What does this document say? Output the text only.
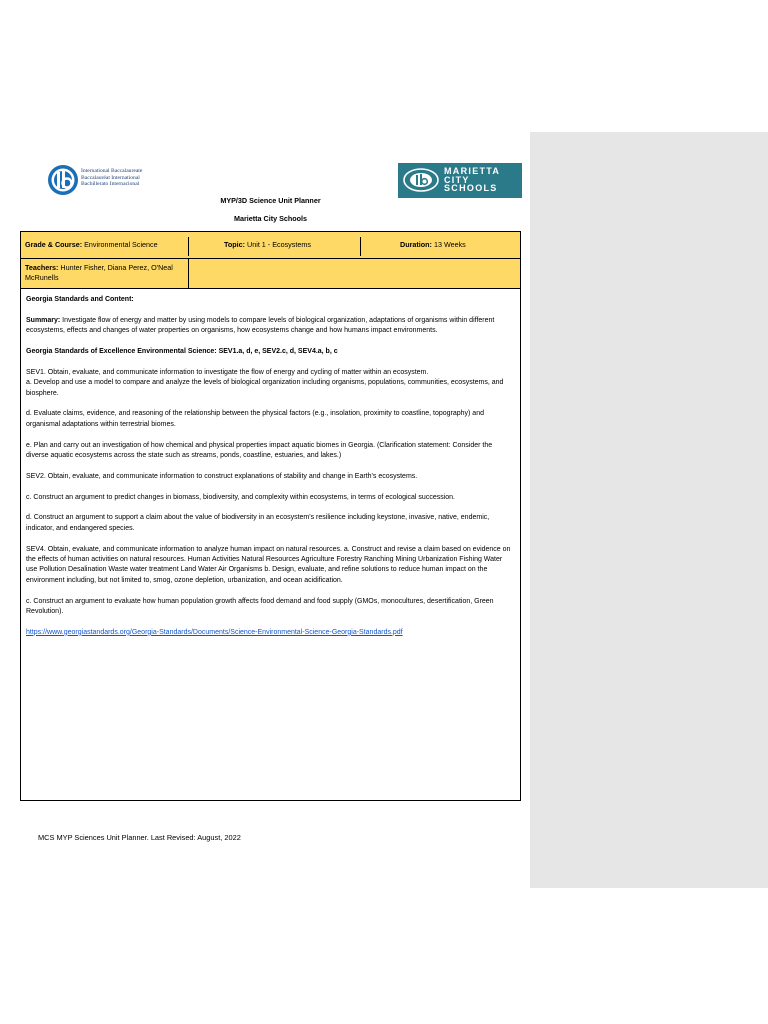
International Baccalaureate
Baccalauréat International
Bachillerato Internacional
MARIETTA
CITY
SCHOOLS
MYP/3D Science Unit Planner
Marietta City Schools
Grade & Course: Environmental Science	Topic: Unit 1 - Ecosystems	Duration: 13 Weeks
Teachers: Hunter Fisher, Diana Perez, O'Neal McRunells

Georgia Standards and Content:

Summary: Investigate flow of energy and matter by using models to compare levels of biological organization, adaptations of organisms within different ecosystems, effects and changes of water properties on organisms, how ecosystems change and how humans impact environments.

Georgia Standards of Excellence Environmental Science: SEV1.a, d, e, SEV2.c, d, SEV4.a, b, c

SEV1. Obtain, evaluate, and communicate information to investigate the flow of energy and cycling of matter within an ecosystem.
a. Develop and use a model to compare and analyze the levels of biological organization including organisms, populations, communities, ecosystems, and biosphere.

d. Evaluate claims, evidence, and reasoning of the relationship between the physical factors (e.g., insolation, proximity to coastline, topography) and organismal adaptations within terrestrial biomes.

e. Plan and carry out an investigation of how chemical and physical properties impact aquatic biomes in Georgia. (Clarification statement: Consider the diverse aquatic ecosystems across the state such as streams, ponds, coastline, estuaries, and lakes.)

SEV2. Obtain, evaluate, and communicate information to construct explanations of stability and change in Earth's ecosystems.

c. Construct an argument to predict changes in biomass, biodiversity, and complexity within ecosystems, in terms of ecological succession.

d. Construct an argument to support a claim about the value of biodiversity in an ecosystem's resilience including keystone, invasive, native, endemic, indicator, and endangered species.

SEV4. Obtain, evaluate, and communicate information to analyze human impact on natural resources. a. Construct and revise a claim based on evidence on the effects of human activities on natural resources. Human Activities Natural Resources Agriculture Forestry Ranching Mining Urbanization Fishing Water use Pollution Desalination Waste water treatment Land Water Air Organisms b. Design, evaluate, and refine solutions to reduce human impact on the environment including, but not limited to, smog, ozone depletion, urbanization, and ocean acidification.

c. Construct an argument to evaluate how human population growth affects food demand and food supply (GMOs, monocultures, desertification, Green Revolution).

https://www.georgiastandards.org/Georgia-Standards/Documents/Science-Environmental-Science-Georgia-Standards.pdf

MCS MYP Sciences Unit Planner. Last Revised: August, 2022
